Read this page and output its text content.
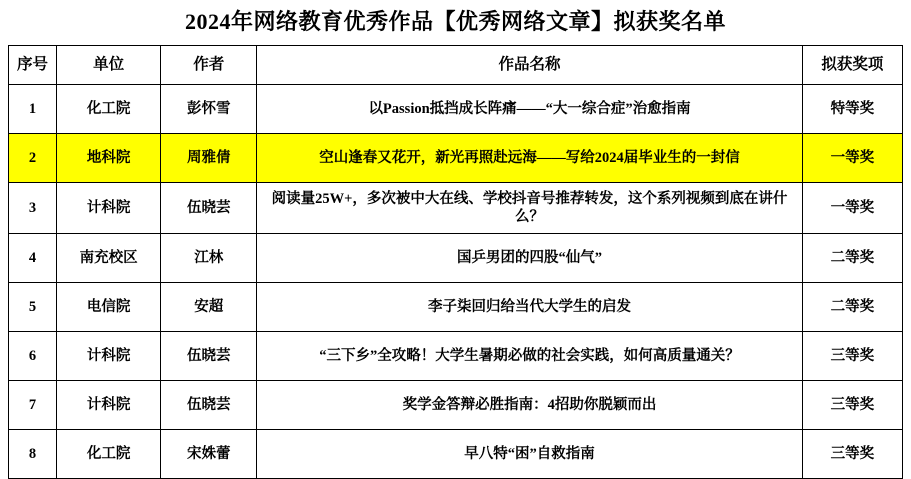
2024年网络教育优秀作品【优秀网络文章】拟获奖名单
序号	单位	作者	作品名称	拟获奖项
1	化工院	彭怀雪	以Passion抵挡成长阵痛——“大一综合症”治愈指南	特等奖
2	地科院	周雅倩	空山逢春又花开，新光再照赴远海——写给2024届毕业生的一封信	一等奖
3	计科院	伍晓芸	阅读量25W+，多次被中大在线、学校抖音号推荐转发，这个系列视频到底在讲什么？	一等奖
4	南充校区	江林	国乒男团的四股“仙气”	二等奖
5	电信院	安超	李子柒回归给当代大学生的启发	二等奖
6	计科院	伍晓芸	“三下乡”全攻略！大学生暑期必做的社会实践，如何高质量通关？	三等奖
7	计科院	伍晓芸	奖学金答辩必胜指南：4招助你脱颖而出	三等奖
8	化工院	宋姝蕾	早八特“困”自救指南	三等奖
